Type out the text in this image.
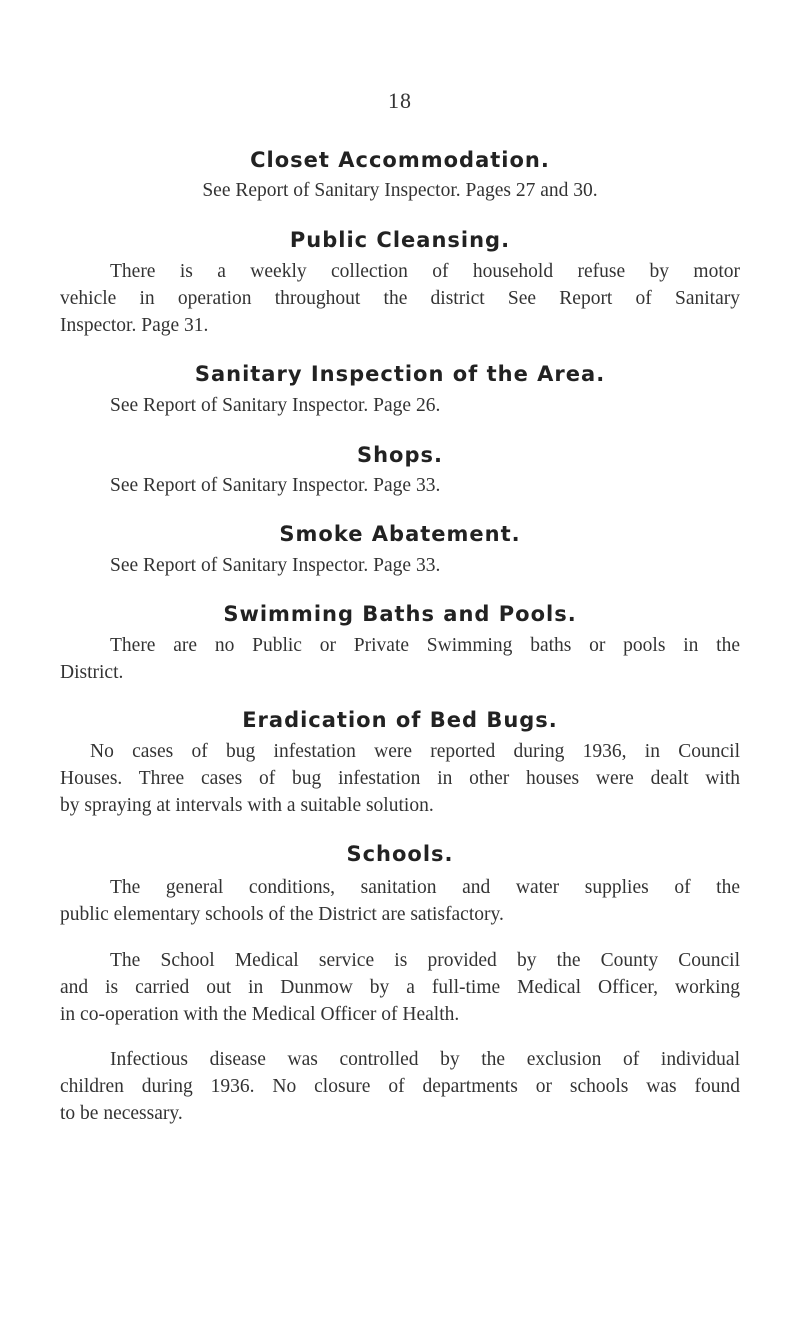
18
Closet Accommodation.
See Report of Sanitary Inspector. Pages 27 and 30.
Public Cleansing.
There is a weekly collection of household refuse by motor
vehicle in operation throughout the district See Report of Sanitary
Inspector. Page 31.
Sanitary Inspection of the Area.
See Report of Sanitary Inspector. Page 26.
Shops.
See Report of Sanitary Inspector. Page 33.
Smoke Abatement.
See Report of Sanitary Inspector. Page 33.
Swimming Baths and Pools.
There are no Public or Private Swimming baths or pools in the
District.
Eradication of Bed Bugs.
No cases of bug infestation were reported during 1936, in Council
Houses. Three cases of bug infestation in other houses were dealt with
by spraying at intervals with a suitable solution.
Schools.
The general conditions, sanitation and water supplies of the
public elementary schools of the District are satisfactory.
The School Medical service is provided by the County Council
and is carried out in Dunmow by a full-time Medical Officer, working
in co-operation with the Medical Officer of Health.
Infectious disease was controlled by the exclusion of individual
children during 1936. No closure of departments or schools was found
to be necessary.
